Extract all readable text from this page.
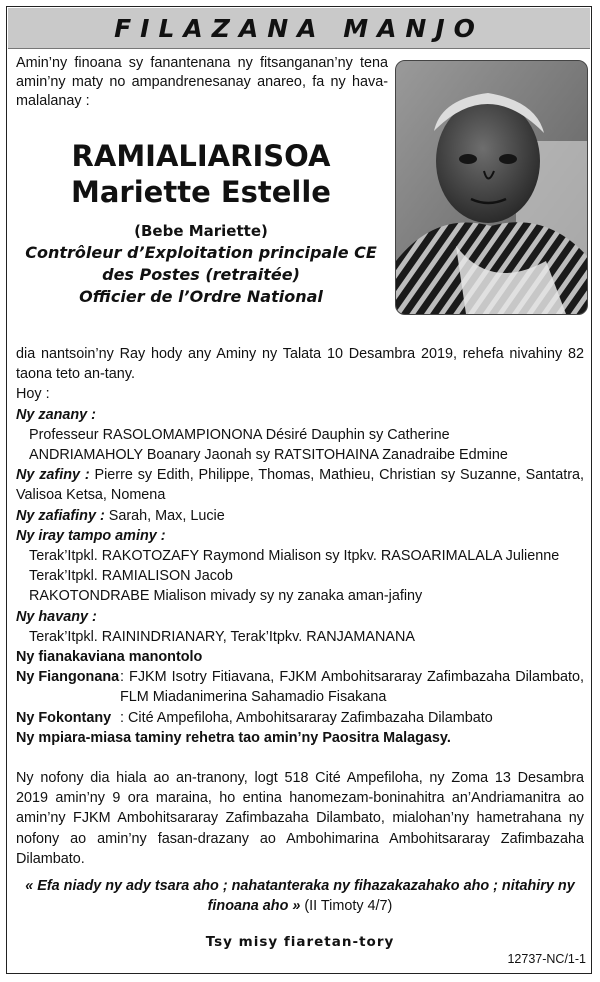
FILAZANA MANJO

Amin’ny finoana sy fanantenana ny fitsanganan’ny tena amin’ny maty no ampandrenesanay anareo, fa ny hava-malalanay :

RAMIALIARISOA
Mariette Estelle
(Bebe Mariette)
Contrôleur d’Exploitation principale CE
des Postes (retraitée)
Officier de l’Ordre National

dia nantsoin’ny Ray hody any Aminy ny Talata 10 Desambra 2019, rehefa nivahiny 82 taona teto an-tany.

Hoy :

Ny zanany :

Professeur RASOLOMAMPIONONA Désiré Dauphin sy Catherine

ANDRIAMAHOLY Boanary Jaonah sy RATSITOHAINA Zanadraibe Edmine

Ny zafiny : Pierre sy Edith, Philippe, Thomas, Mathieu, Christian sy Suzanne, Santatra, Valisoa Ketsa, Nomena

Ny zafiafiny : Sarah, Max, Lucie

Ny iray tampo aminy :

Terak’Itpkl. RAKOTOZAFY Raymond Mialison sy Itpkv. RASOARIMALALA Julienne

Terak’Itpkl. RAMIALISON Jacob

RAKOTONDRABE Mialison mivady sy ny zanaka aman-jafiny

Ny havany :

Terak’Itpkl. RAININDRIANARY, Terak’Itpkv. RANJAMANANA

Ny fianakaviana manontolo

Ny Fiangonana : FJKM Isotry Fitiavana, FJKM Ambohitsararay Zafimbazaha Dilambato, FLM Miadanimerina Sahamadio Fisakana
Ny Fokontany : Cité Ampefiloha, Ambohitsararay Zafimbazaha Dilambato

Ny mpiara-miasa taminy rehetra tao amin’ny Paositra Malagasy.

Ny nofony dia hiala ao an-tranony, logt 518 Cité Ampefiloha, ny Zoma 13 Desambra 2019 amin’ny 9 ora maraina, ho entina hanomezam-boninahitra an’Andriamanitra ao amin’ny FJKM Ambohitsararay Zafimbazaha Dilambato, mialohan’ny hametrahana ny nofony ao amin’ny fasan-drazany ao Ambohimarina Ambohitsararay Zafimbazaha Dilambato.

« Efa niady ny ady tsara aho ; nahatanteraka ny fihazakazahako aho ; nitahiry ny finoana aho » (II Timoty 4/7)
Tsy misy fiaretan-tory
12737-NC/1-1
